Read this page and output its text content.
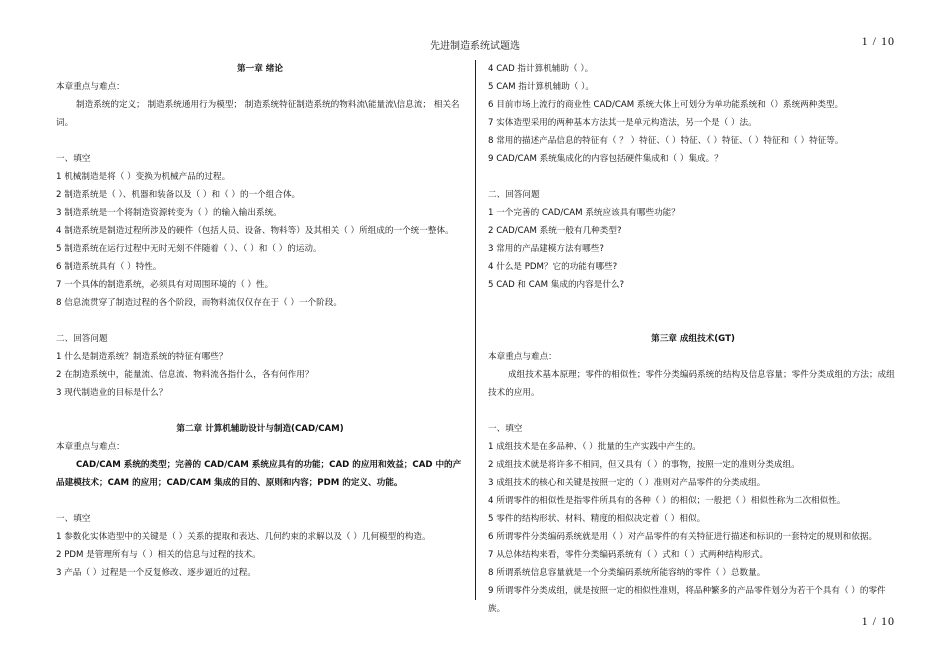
先进制造系统试题选	1 / 10
第一章 绪论
本章重点与难点：
制造系统的定义； 制造系统通用行为模型； 制造系统特征制造系统的物料流\能量流\信息流； 相关名词。
一、填空
1 机械制造是将（ ）变换为机械产品的过程。
2 制造系统是（ ）、机器和装备以及（ ）和（ ）的一个组合体。
3 制造系统是一个将制造资源转变为（ ）的输入输出系统。
4 制造系统是制造过程所涉及的硬件（包括人员、设备、物料等）及其相关（ ）所组成的一个统一整体。
5 制造系统在运行过程中无时无刻不伴随着（ ）、（ ）和（ ）的运动。
6 制造系统具有（ ）特性。
7 一个具体的制造系统，必须具有对周围环境的（ ）性。
8 信息流贯穿了制造过程的各个阶段，而物料流仅仅存在于（ ）一个阶段。
二、回答问题
1 什么是制造系统？制造系统的特征有哪些？
2 在制造系统中，能量流、信息流、物料流各指什么，各有何作用？
3 现代制造业的目标是什么？
第二章 计算机辅助设计与制造(CAD/CAM)
本章重点与难点：
CAD/CAM 系统的类型；完善的 CAD/CAM 系统应具有的功能；CAD 的应用和效益；CAD 中的产品建模技术；CAM 的应用；CAD/CAM 集成的目的、原则和内容；PDM 的定义、功能。
一、填空
1 参数化实体造型中的关键是（ ）关系的提取和表达、几何约束的求解以及（ ）几何模型的构造。
2 PDM 是管理所有与（ ）相关的信息与过程的技术。
3 产品（ ）过程是一个反复修改、逐步逼近的过程。
4 CAD 指计算机辅助（ ）。
5 CAM 指计算机辅助（ ）。
6 目前市场上流行的商业性 CAD/CAM 系统大体上可划分为单功能系统和（）系统两种类型。
7 实体造型采用的两种基本方法其一是单元构造法，另一个是（ ）法。
8 常用的描述产品信息的特征有（ ？ ）特征、（ ）特征、（ ）特征、（ ）特征和（ ）特征等。
9 CAD/CAM 系统集成化的内容包括硬件集成和（ ）集成。？
二、回答问题
1 一个完善的 CAD/CAM 系统应该具有哪些功能？
2 CAD/CAM 系统一般有几种类型?
3 常用的产品建模方法有哪些?
4 什么是 PDM？它的功能有哪些?
5 CAD 和 CAM 集成的内容是什么?
第三章 成组技术(GT)
本章重点与难点：
成组技术基本原理；零件的相似性；零件分类编码系统的结构及信息容量；零件分类成组的方法；成组技术的应用。
一、填空
1 成组技术是在多品种、（ ）批量的生产实践中产生的。
2 成组技术就是将许多不相同，但又具有（ ）的事物，按照一定的准则分类成组。
3 成组技术的核心和关键是按照一定的（ ）准则对产品零件的分类成组。
4 所谓零件的相似性是指零件所具有的各种（ ）的相似；一般把（ ）相似性称为二次相似性。
5 零件的结构形状、材料、精度的相似决定着（ ）相似。
6 所谓零件分类编码系统就是用（ ）对产品零件的有关特征进行描述和标识的一套特定的规则和依据。
7 从总体结构来看，零件分类编码系统有（ ）式和（ ）式两种结构形式。
8 所谓系统信息容量就是一个分类编码系统所能容纳的零件（ ）总数量。
9 所谓零件分类成组，就是按照一定的相似性准则，将品种繁多的产品零件划分为若干个具有（ ）的零件族。
1 / 10
